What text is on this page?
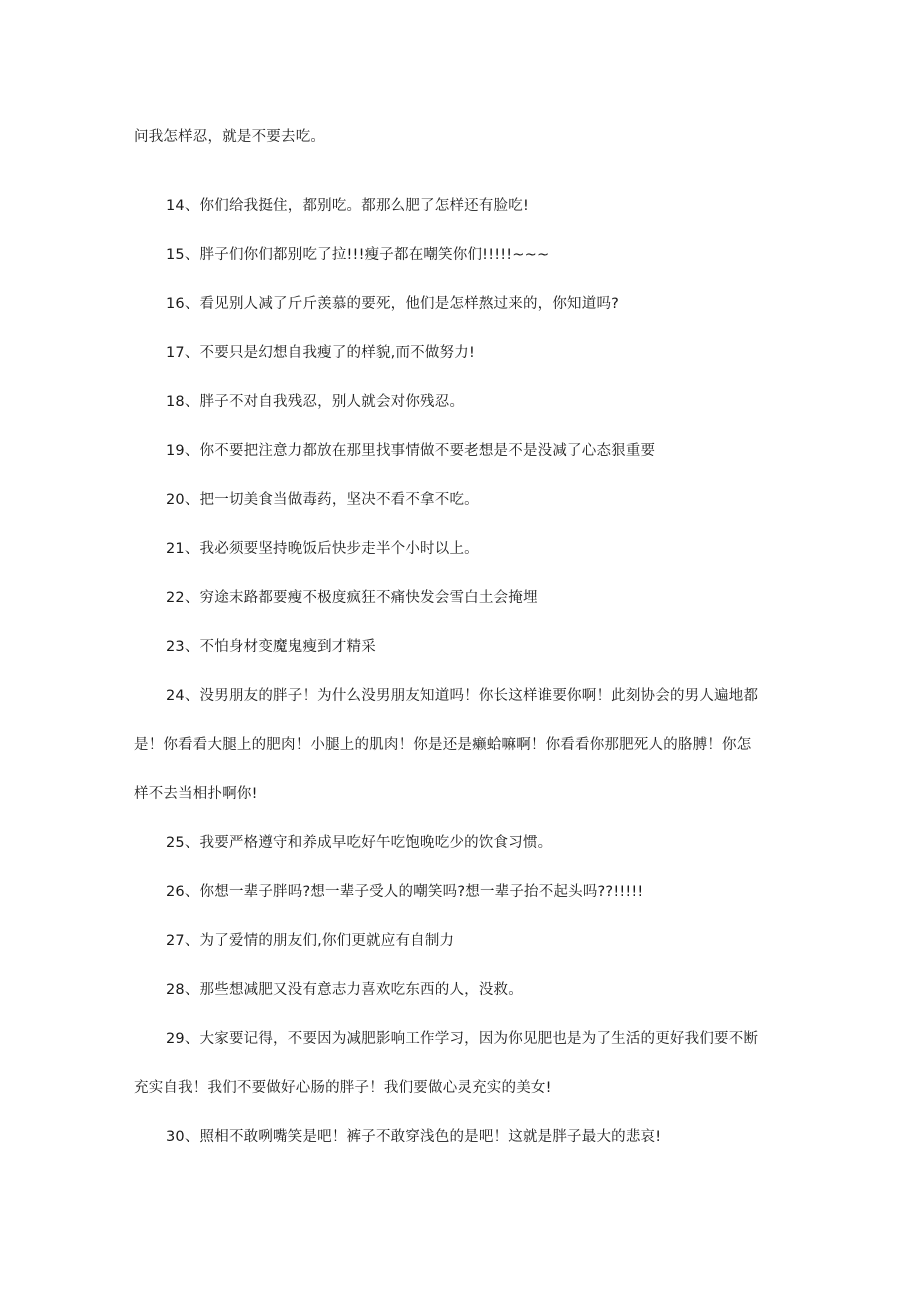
问我怎样忍，就是不要去吃。
14、你们给我挺住，都别吃。都那么肥了怎样还有脸吃!
15、胖子们你们都别吃了拉!!!瘦子都在嘲笑你们!!!!!~~~
16、看见别人减了斤斤羡慕的要死，他们是怎样熬过来的，你知道吗?
17、不要只是幻想自我瘦了的样貌,而不做努力!
18、胖子不对自我残忍，别人就会对你残忍。
19、你不要把注意力都放在那里找事情做不要老想是不是没减了心态狠重要
20、把一切美食当做毒药，坚决不看不拿不吃。
21、我必须要坚持晚饭后快步走半个小时以上。
22、穷途末路都要瘦不极度疯狂不痛快发会雪白土会掩埋
23、不怕身材变魔鬼瘦到才精采
24、没男朋友的胖子！为什么没男朋友知道吗！你长这样谁要你啊！此刻协会的男人遍地都
是！你看看大腿上的肥肉！小腿上的肌肉！你是还是癞蛤嘛啊！你看看你那肥死人的胳膊！你怎
样不去当相扑啊你!
25、我要严格遵守和养成早吃好午吃饱晚吃少的饮食习惯。
26、你想一辈子胖吗?想一辈子受人的嘲笑吗?想一辈子抬不起头吗??!!!!!
27、为了爱情的朋友们,你们更就应有自制力
28、那些想减肥又没有意志力喜欢吃东西的人，没救。
29、大家要记得，不要因为减肥影响工作学习，因为你见肥也是为了生活的更好我们要不断
充实自我！我们不要做好心肠的胖子！我们要做心灵充实的美女!
30、照相不敢咧嘴笑是吧！裤子不敢穿浅色的是吧！这就是胖子最大的悲哀!
